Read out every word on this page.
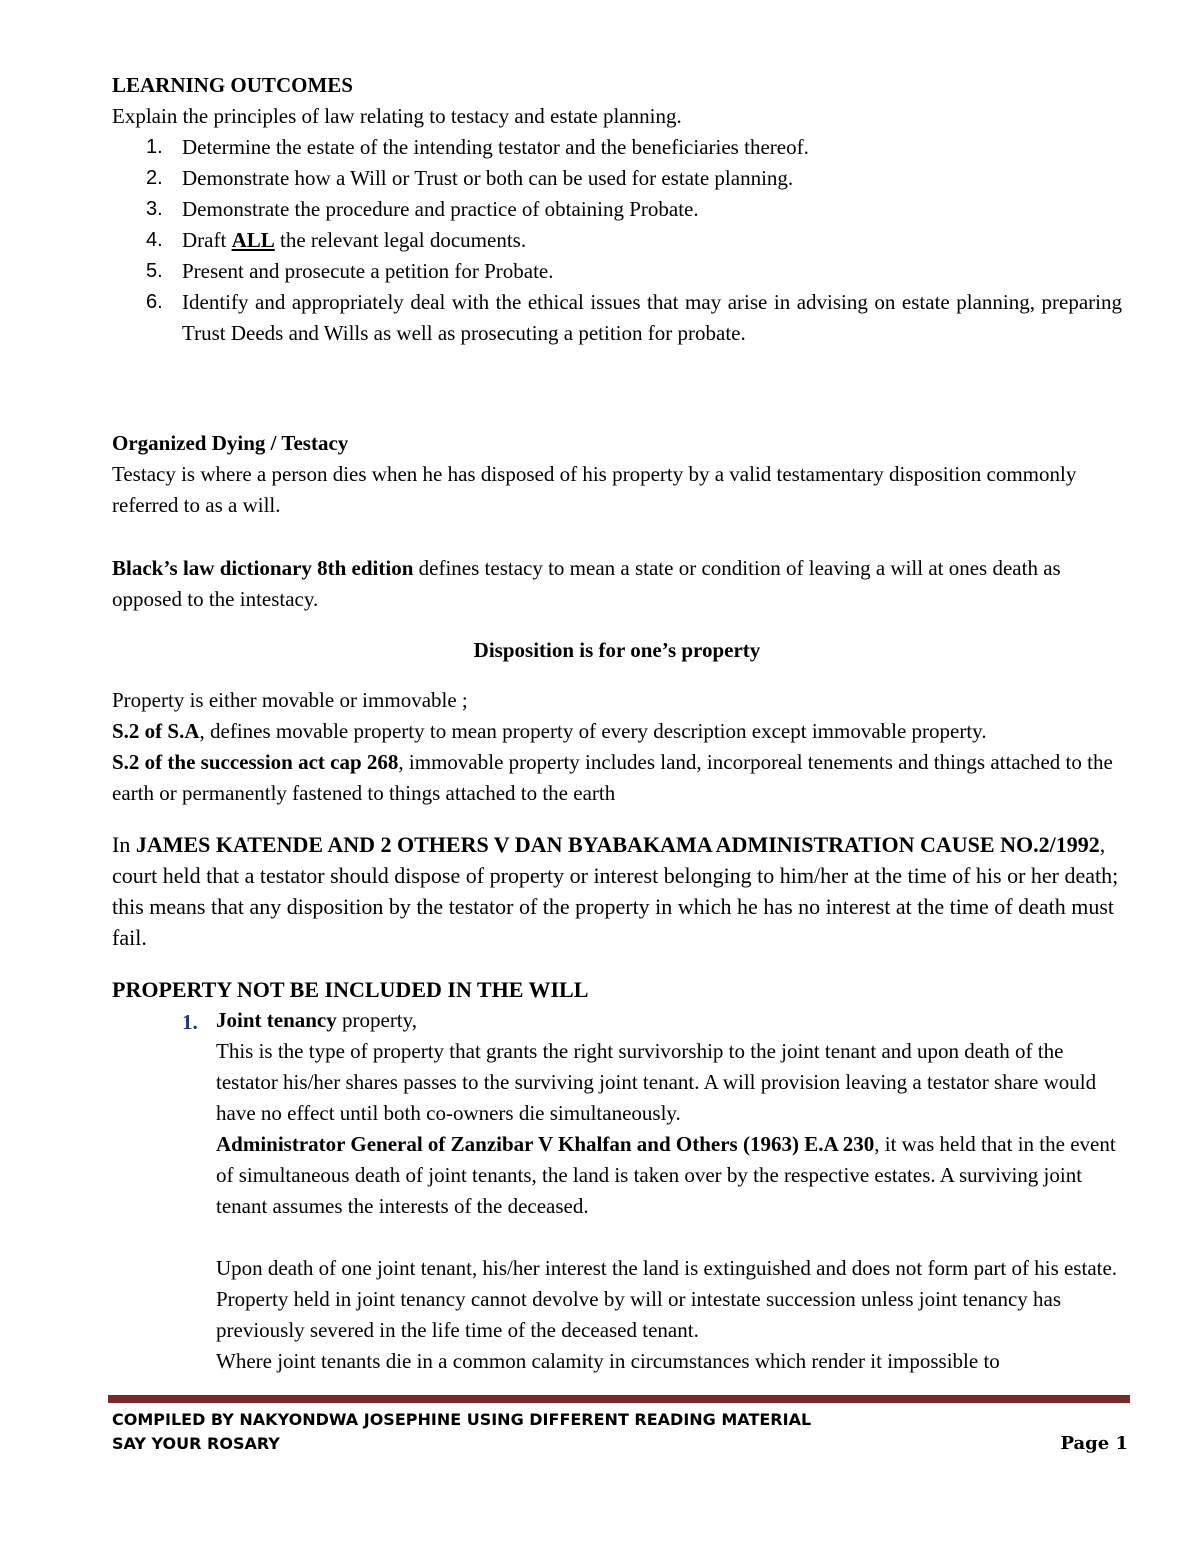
LEARNING OUTCOMES

Explain the principles of law relating to testacy and estate planning.

1. Determine the estate of the intending testator and the beneficiaries thereof.
2. Demonstrate how a Will or Trust or both can be used for estate planning.
3. Demonstrate the procedure and practice of obtaining Probate.
4. Draft ALL the relevant legal documents.
5. Present and prosecute a petition for Probate.
6. Identify and appropriately deal with the ethical issues that may arise in advising on estate planning, preparing Trust Deeds and Wills as well as prosecuting a petition for probate.

Organized Dying / Testacy

Testacy is where a person dies when he has disposed of his property by a valid testamentary disposition commonly referred to as a will.

Black’s law dictionary 8th edition defines testacy to mean a state or condition of leaving a will at ones death as opposed to the intestacy.

Disposition is for one’s property

Property is either movable or immovable ;

S.2 of S.A, defines movable property to mean property of every description except immovable property.

S.2 of the succession act cap 268, immovable property includes land, incorporeal tenements and things attached to the earth or permanently fastened to things attached to the earth

In JAMES KATENDE AND 2 OTHERS V DAN BYABAKAMA ADMINISTRATION CAUSE NO.2/1992, court held that a testator should dispose of property or interest belonging to him/her at the time of his or her death; this means that any disposition by the testator of the property in which he has no interest at the time of death must fail.

PROPERTY NOT BE INCLUDED IN THE WILL

1. Joint tenancy property,

This is the type of property that grants the right survivorship to the joint tenant and upon death of the testator his/her shares passes to the surviving joint tenant. A will provision leaving a testator share would have no effect until both co-owners die simultaneously.

Administrator General of Zanzibar V Khalfan and Others (1963) E.A 230, it was held that in the event of simultaneous death of joint tenants, the land is taken over by the respective estates. A surviving joint tenant assumes the interests of the deceased.

Upon death of one joint tenant, his/her interest the land is extinguished and does not form part of his estate. Property held in joint tenancy cannot devolve by will or intestate succession unless joint tenancy has previously severed in the life time of the deceased tenant.

Where joint tenants die in a common calamity in circumstances which render it impossible to

COMPILED BY NAKYONDWA JOSEPHINE USING DIFFERENT READING MATERIAL
SAY YOUR ROSARY	Page 1
